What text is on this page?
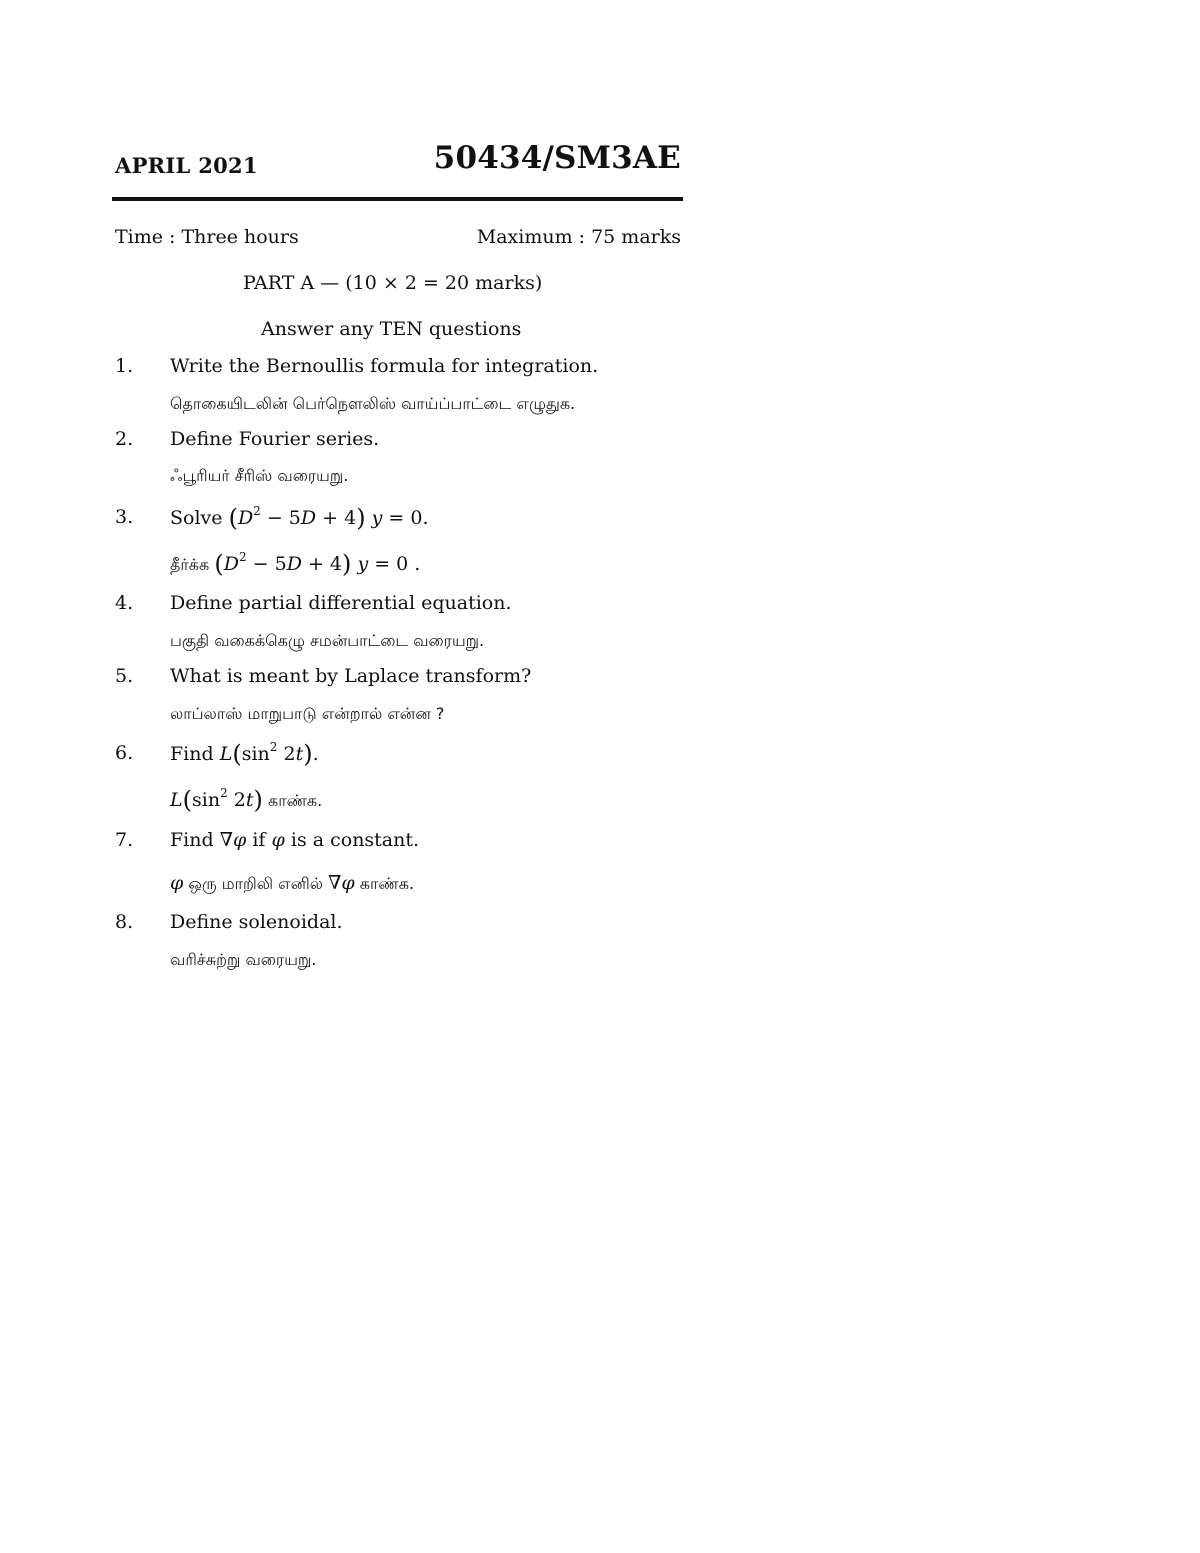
APRIL 2021	50434/SM3AE
Time : Three hours	Maximum : 75 marks
PART A — (10 × 2 = 20 marks)
Answer any TEN questions
1. Write the Bernoullis formula for integration.
தொகையிடலின் பெர்நௌலிஸ் வாய்ப்பாட்டை எழுதுக.
2. Define Fourier series.
ஃபூரியர் சீரிஸ் வரையறு.
3. Solve $(D^2 - 5D + 4) y = 0$.
தீர்க்க $(D^2 - 5D + 4) y = 0$ .
4. Define partial differential equation.
பகுதி வகைக்கெழு சமன்பாட்டை வரையறு.
5. What is meant by Laplace transform?
லாப்லாஸ் மாறுபாடு என்றால் என்ன ?
6. Find $L(\sin^2$ 2t).
$L(\sin^2$ 2t) காண்க.
7. Find ∇φ if φ is a constant.
φ ஒரு மாறிலி எனில் ∇φ காண்க.
8. Define solenoidal.
வரிச்சுற்று வரையறு.
